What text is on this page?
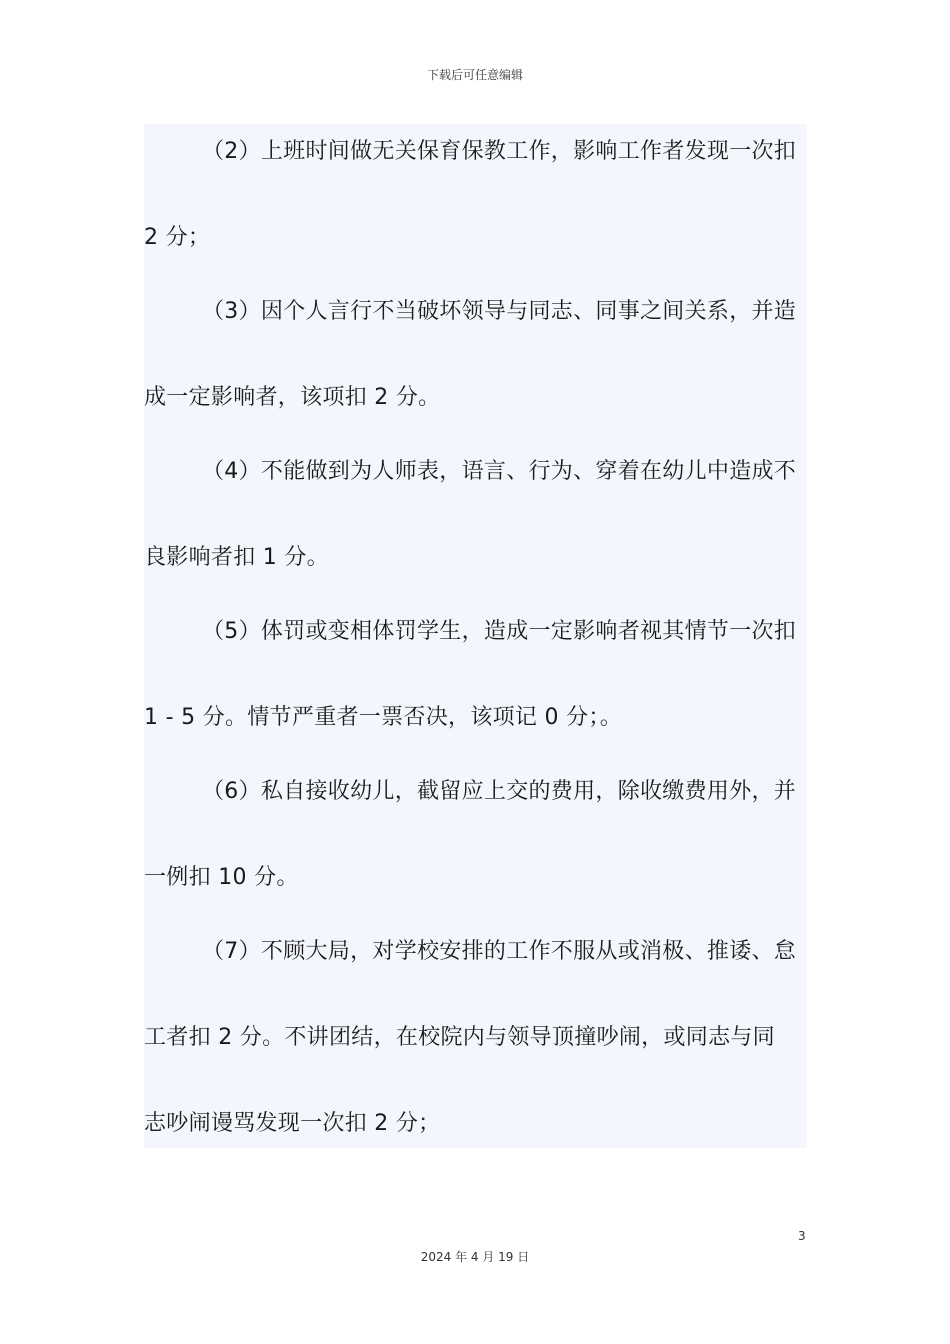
下载后可任意编辑
（2）上班时间做无关保育保教工作，影响工作者发现一次扣
2 分；
（3）因个人言行不当破坏领导与同志、同事之间关系，并造
成一定影响者，该项扣 2 分。
（4）不能做到为人师表，语言、行为、穿着在幼儿中造成不
良影响者扣 1 分。
（5）体罚或变相体罚学生，造成一定影响者视其情节一次扣
1 - 5 分。情节严重者一票否决，该项记 0 分；。
（6）私自接收幼儿，截留应上交的费用，除收缴费用外，并
一例扣 10 分。
（7）不顾大局，对学校安排的工作不服从或消极、推诿、怠
工者扣 2 分。不讲团结，在校院内与领导顶撞吵闹，或同志与同
志吵闹谩骂发现一次扣 2 分；
3
2024 年 4 月 19 日
